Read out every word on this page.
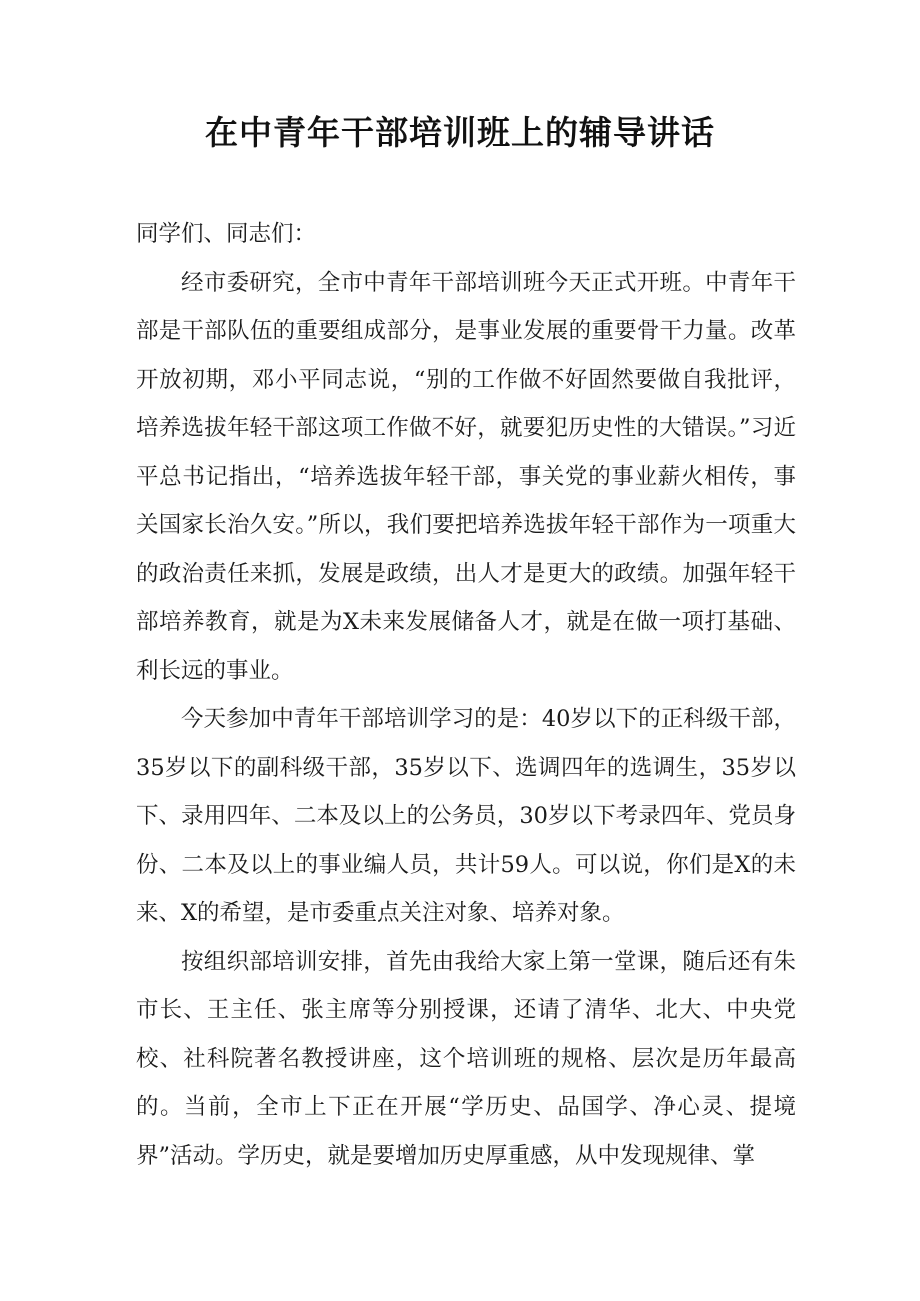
在中青年干部培训班上的辅导讲话

同学们、同志们：

经市委研究，全市中青年干部培训班今天正式开班。中青年干部是干部队伍的重要组成部分，是事业发展的重要骨干力量。改革开放初期，邓小平同志说，“别的工作做不好固然要做自我批评，培养选拔年轻干部这项工作做不好，就要犯历史性的大错误。”习近平总书记指出，“培养选拔年轻干部，事关党的事业薪火相传，事关国家长治久安。”所以，我们要把培养选拔年轻干部作为一项重大的政治责任来抓，发展是政绩，出人才是更大的政绩。加强年轻干部培养教育，就是为X未来发展储备人才，就是在做一项打基础、利长远的事业。

今天参加中青年干部培训学习的是：40岁以下的正科级干部，35岁以下的副科级干部，35岁以下、选调四年的选调生，35岁以下、录用四年、二本及以上的公务员，30岁以下考录四年、党员身份、二本及以上的事业编人员，共计59人。可以说，你们是X的未来、X的希望，是市委重点关注对象、培养对象。

按组织部培训安排，首先由我给大家上第一堂课，随后还有朱市长、王主任、张主席等分别授课，还请了清华、北大、中央党校、社科院著名教授讲座，这个培训班的规格、层次是历年最高的。当前，全市上下正在开展“学历史、品国学、净心灵、提境界”活动。学历史，就是要增加历史厚重感，从中发现规律、掌
